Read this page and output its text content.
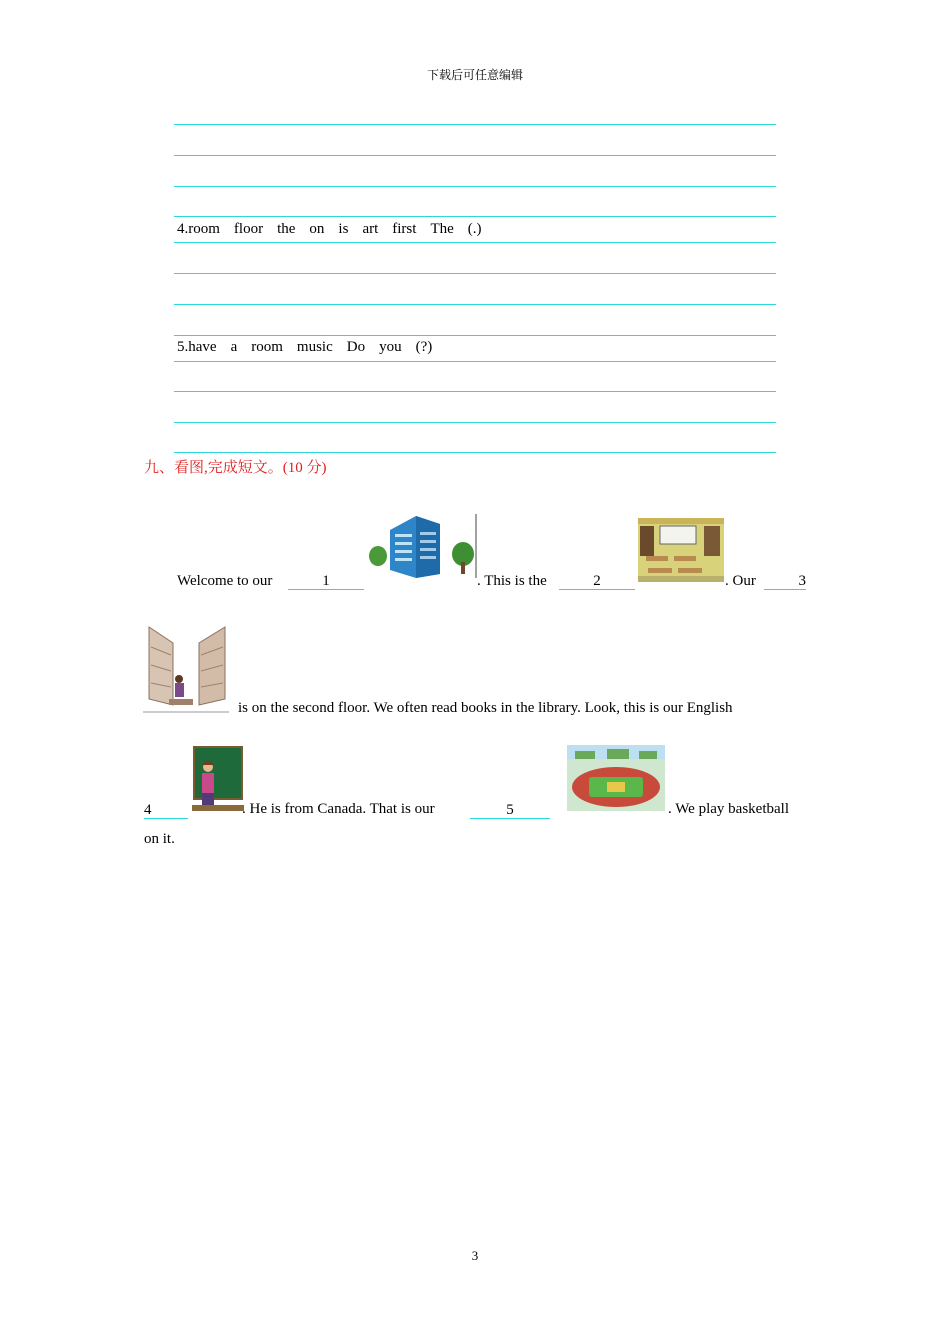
下载后可任意编辑
4.room floor the on is art first The (.)
5.have a room music Do you (?)
九、看图,完成短文。(10 分)
Welcome to our	1	. This is the	2	. Our	3
is on the second floor. We often read books in the library. Look, this is our English
4	. He is from Canada. That is our	5	. We play basketball
on it.
3
